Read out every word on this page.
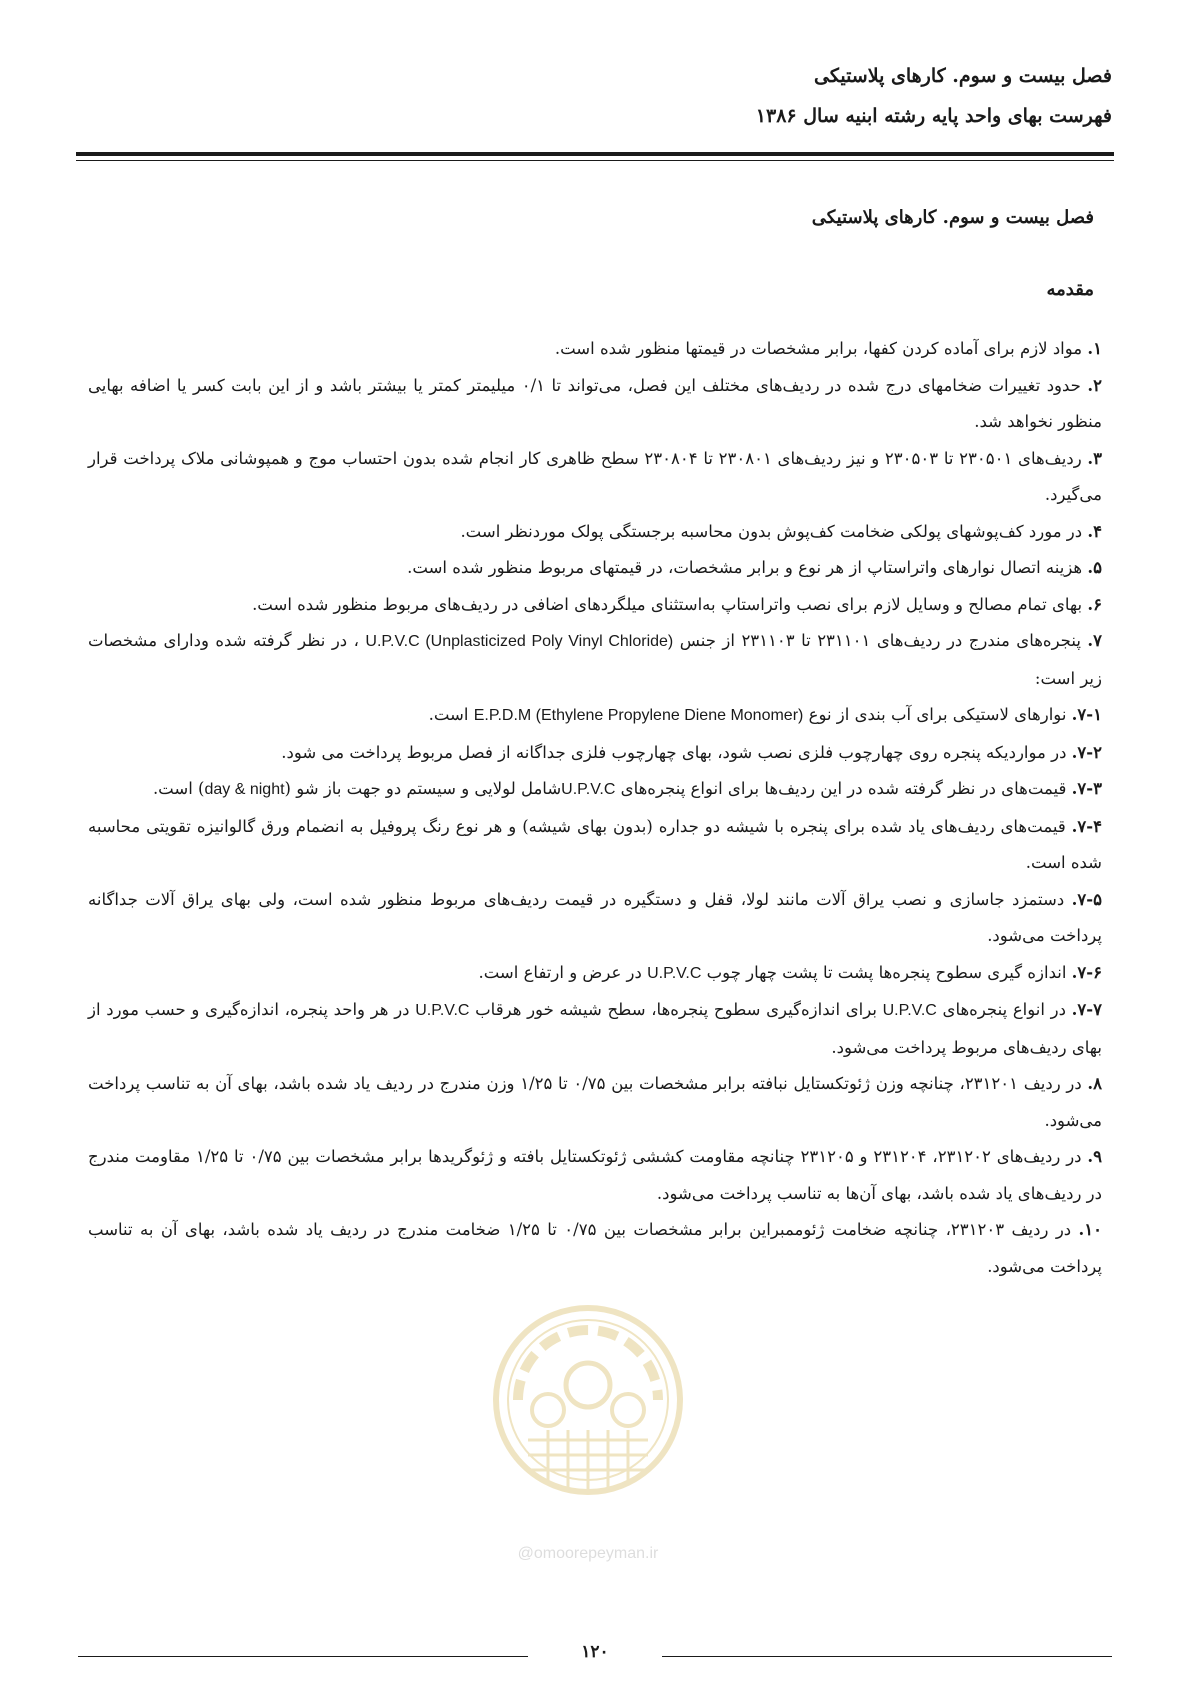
فصل بیست و سوم. کارهای پلاستیکی

فهرست بهای واحد پایه رشته ابنیه سال ۱۳۸۶

فصل بیست و سوم. کارهای پلاستیکی

مقدمه

۱. مواد لازم برای آماده کردن کفها، برابر مشخصات در قیمتها منظور شده است.

۲. حدود تغییرات ضخامهای درج شده در ردیف‌های مختلف این فصل، می‌تواند تا ۰/۱ میلیمتر کمتر یا بیشتر باشد و از این بابت کسر یا اضافه بهایی منظور نخواهد شد.

۳. ردیف‌های ۲۳۰۵۰۱ تا ۲۳۰۵۰۳ و نیز ردیف‌های ۲۳۰۸۰۱ تا ۲۳۰۸۰۴ سطح ظاهری کار انجام شده بدون احتساب موج و همپوشانی ملاک پرداخت قرار می‌گیرد.

۴. در مورد کف‌پوشهای پولکی ضخامت کف‌پوش بدون محاسبه برجستگی پولک موردنظر است.

۵. هزینه اتصال نوارهای واتراستاپ از هر نوع و برابر مشخصات، در قیمتهای مربوط منظور شده است.

۶. بهای تمام مصالح و وسایل لازم برای نصب واتراستاپ به‌استثنای میلگردهای اضافی در ردیف‌های مربوط منظور شده است.

۷. پنجره‌های مندرج در ردیف‌های ۲۳۱۱۰۱ تا ۲۳۱۱۰۳ از جنس U.P.V.C (Unplasticized Poly Vinyl Chloride) ، در نظر گرفته شده ودارای مشخصات زیر است:

۷-۱. نوارهای لاستیکی برای آب بندی از نوع E.P.D.M (Ethylene Propylene Diene Monomer) است.

۷-۲. در مواردیکه پنجره روی چهارچوب فلزی نصب شود، بهای چهارچوب فلزی جداگانه از فصل مربوط پرداخت می شود.

۷-۳. قیمت‌های در نظر گرفته شده در این ردیف‌ها برای انواع پنجره‌های U.P.V.Cشامل لولایی و سیستم دو جهت باز شو (day & night) است.

۷-۴. قیمت‌های ردیف‌های یاد شده برای پنجره با شیشه دو جداره (بدون بهای شیشه) و هر نوع رنگ پروفیل به انضمام ورق گالوانیزه تقویتی محاسبه شده است.

۷-۵. دستمزد جاسازی و نصب یراق آلات مانند لولا، قفل و دستگیره در قیمت ردیف‌های مربوط منظور شده است، ولی بهای یراق آلات جداگانه پرداخت می‌شود.

۷-۶. اندازه گیری سطوح پنجره‌ها پشت تا پشت چهار چوب U.P.V.C در عرض و ارتفاع است.

۷-۷. در انواع پنجره‌های U.P.V.C برای اندازه‌گیری سطوح پنجره‌ها، سطح شیشه خور هرقاب U.P.V.C در هر واحد پنجره، اندازه‌گیری و حسب مورد از بهای ردیف‌های مربوط پرداخت می‌شود.

۸. در ردیف ۲۳۱۲۰۱، چنانچه وزن ژئوتکستایل نبافته برابر مشخصات بین ۰/۷۵ تا ۱/۲۵ وزن مندرج در ردیف یاد شده باشد، بهای آن به تناسب پرداخت می‌شود.

۹. در ردیف‌های ۲۳۱۲۰۲، ۲۳۱۲۰۴ و ۲۳۱۲۰۵ چنانچه مقاومت کششی ژئوتکستایل بافته و ژئوگریدها برابر مشخصات بین ۰/۷۵ تا ۱/۲۵ مقاومت مندرج در ردیف‌های یاد شده باشد، بهای آن‌ها به تناسب پرداخت می‌شود.

۱۰. در ردیف ۲۳۱۲۰۳، چنانچه ضخامت ژئوممبراین برابر مشخصات بین ۰/۷۵ تا ۱/۲۵ ضخامت مندرج در ردیف یاد شده باشد، بهای آن به تناسب پرداخت می‌شود.

@omoorepeyman.ir
۱۲۰
